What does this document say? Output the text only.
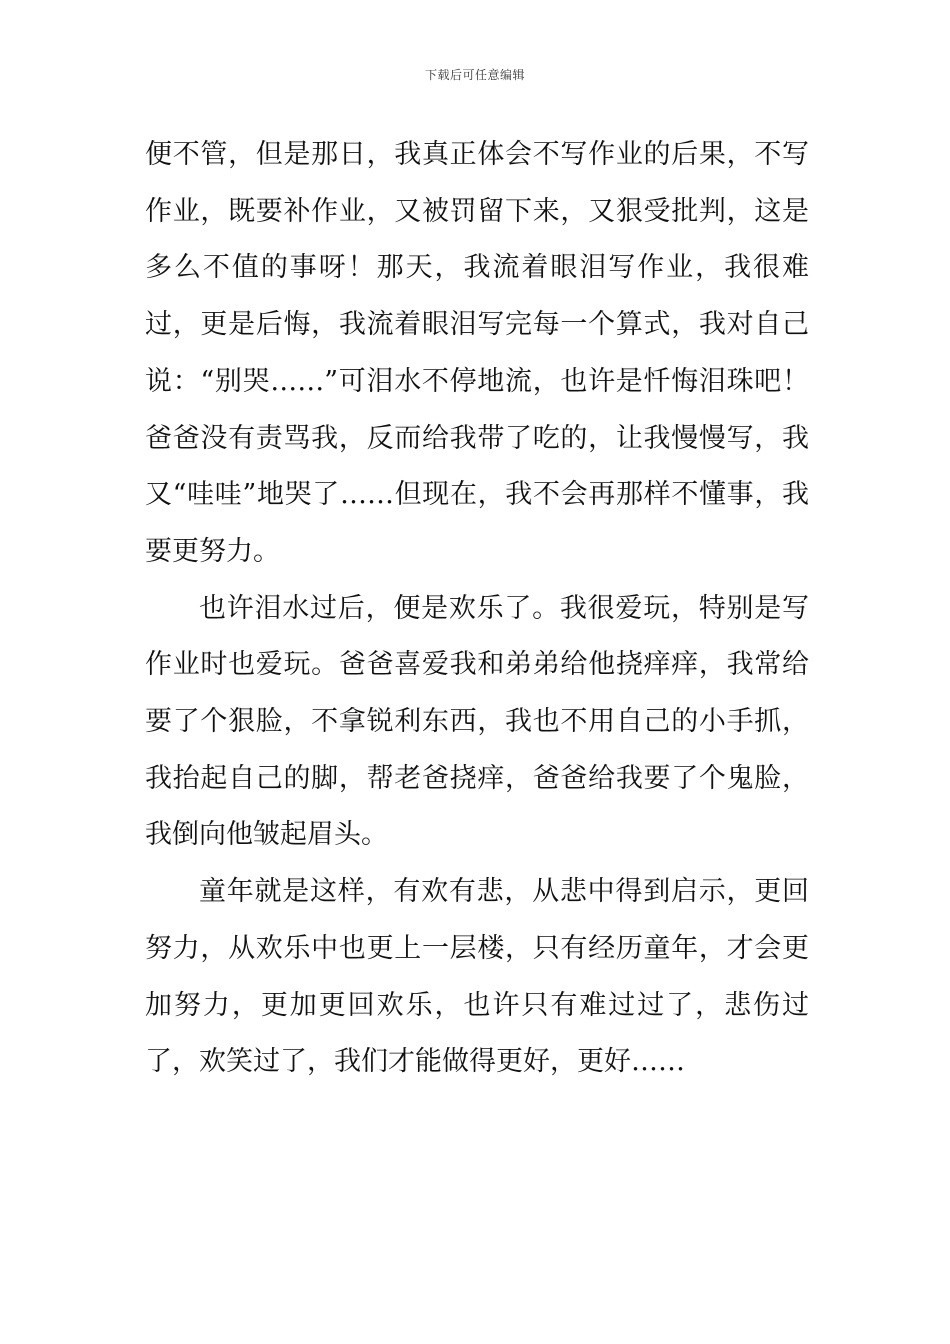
下载后可任意编辑

便不管，但是那日，我真正体会不写作业的后果，不写作业，既要补作业，又被罚留下来，又狠受批判，这是多么不值的事呀！那天，我流着眼泪写作业，我很难过，更是后悔，我流着眼泪写完每一个算式，我对自己说：“别哭……”可泪水不停地流，也许是忏悔泪珠吧！爸爸没有责骂我，反而给我带了吃的，让我慢慢写，我又“哇哇”地哭了……但现在，我不会再那样不懂事，我要更努力。

也许泪水过后，便是欢乐了。我很爱玩，特别是写作业时也爱玩。爸爸喜爱我和弟弟给他挠痒痒，我常给要了个狠脸，不拿锐利东西，我也不用自己的小手抓，我抬起自己的脚，帮老爸挠痒，爸爸给我要了个鬼脸，我倒向他皱起眉头。

童年就是这样，有欢有悲，从悲中得到启示，更回努力，从欢乐中也更上一层楼，只有经历童年，才会更加努力，更加更回欢乐，也许只有难过过了，悲伤过了，欢笑过了，我们才能做得更好，更好……
